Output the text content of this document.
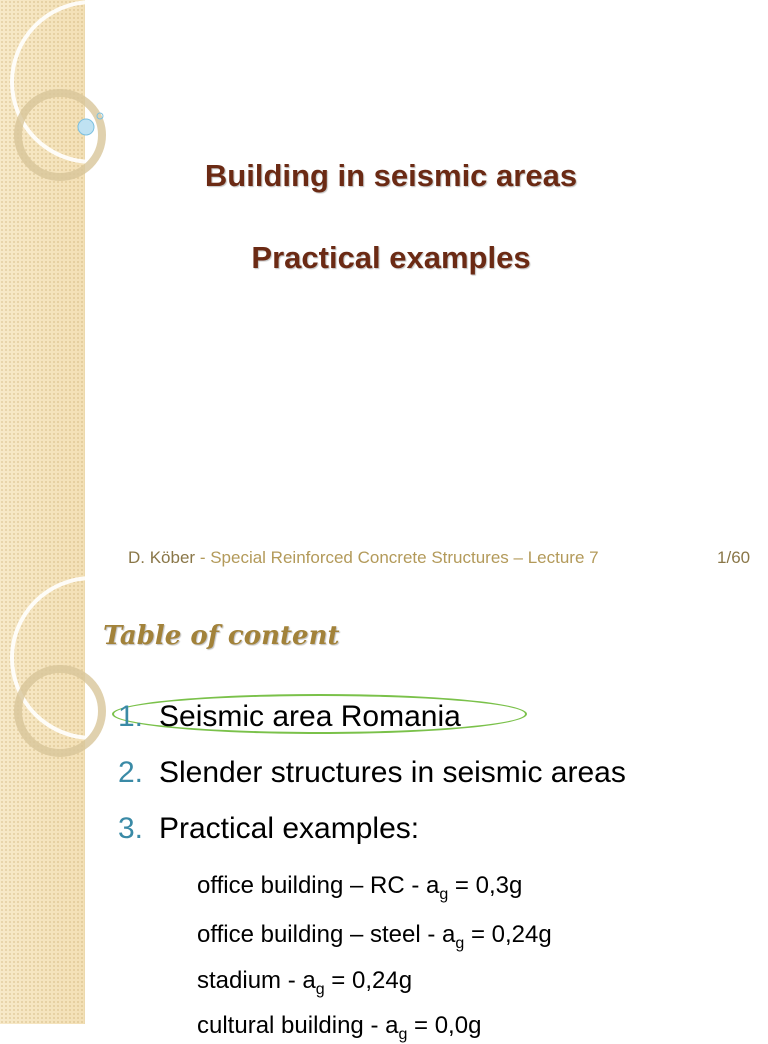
Building in seismic areas
Practical examples
D. Köber - Special Reinforced Concrete Structures – Lecture 7	1/60
Table of content
1. Seismic area Romania
2. Slender structures in seismic areas
3. Practical examples:
office building – RC - $a_g = 0,3g$
office building – steel - $a_g = 0,24g$
stadium - $a_g = 0,24g$
cultural building - $a_g = 0,0g$
